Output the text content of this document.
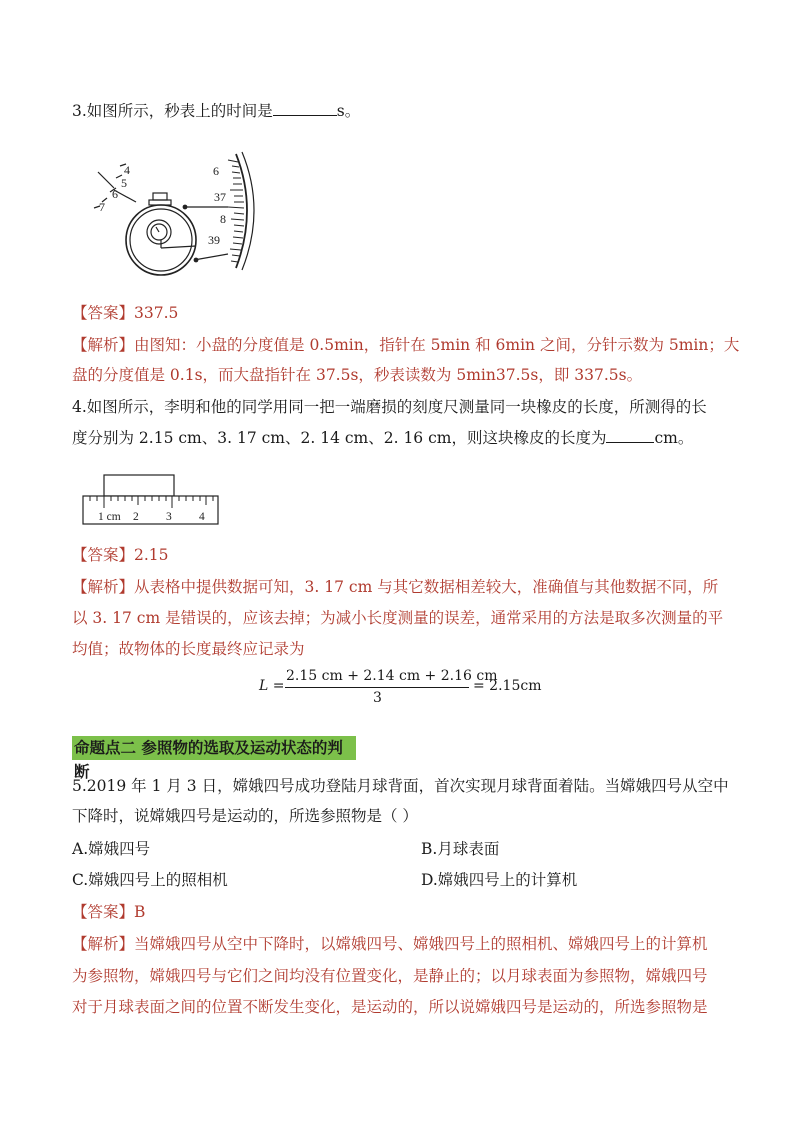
3.如图所示，秒表上的时间是	s。
4
5
6
7
6
37
8
39
【答案】337.5
【解析】由图知：小盘的分度值是 0.5min，指针在 5min 和 6min 之间，分针示数为 5min；大
盘的分度值是 0.1s，而大盘指针在 37.5s，秒表读数为 5min37.5s，即 337.5s。
4.如图所示，李明和他的同学用同一把一端磨损的刻度尺测量同一块橡皮的长度，所测得的长
度分别为 2.15 cm、3. 17 cm、2. 14 cm、2. 16 cm，则这块橡皮的长度为	cm。
1 cm 2 3 4
【答案】2.15
【解析】从表格中提供数据可知，3. 17 cm 与其它数据相差较大，准确值与其他数据不同，所
以 3. 17 cm 是错误的，应该去掉；为减小长度测量的误差，通常采用的方法是取多次测量的平
均值；故物体的长度最终应记录为
L =
2.15 cm + 2.14 cm + 2.16 cm
3
= 2.15cm
命题点二 参照物的选取及运动状态的判断
5.2019 年 1 月 3 日，嫦娥四号成功登陆月球背面，首次实现月球背面着陆。当嫦娥四号从空中
下降时，说嫦娥四号是运动的，所选参照物是（ ）
A.嫦娥四号	B.月球表面
C.嫦娥四号上的照相机	D.嫦娥四号上的计算机
【答案】B
【解析】当嫦娥四号从空中下降时，以嫦娥四号、嫦娥四号上的照相机、嫦娥四号上的计算机
为参照物，嫦娥四号与它们之间均没有位置变化，是静止的；以月球表面为参照物，嫦娥四号
对于月球表面之间的位置不断发生变化，是运动的，所以说嫦娥四号是运动的，所选参照物是
